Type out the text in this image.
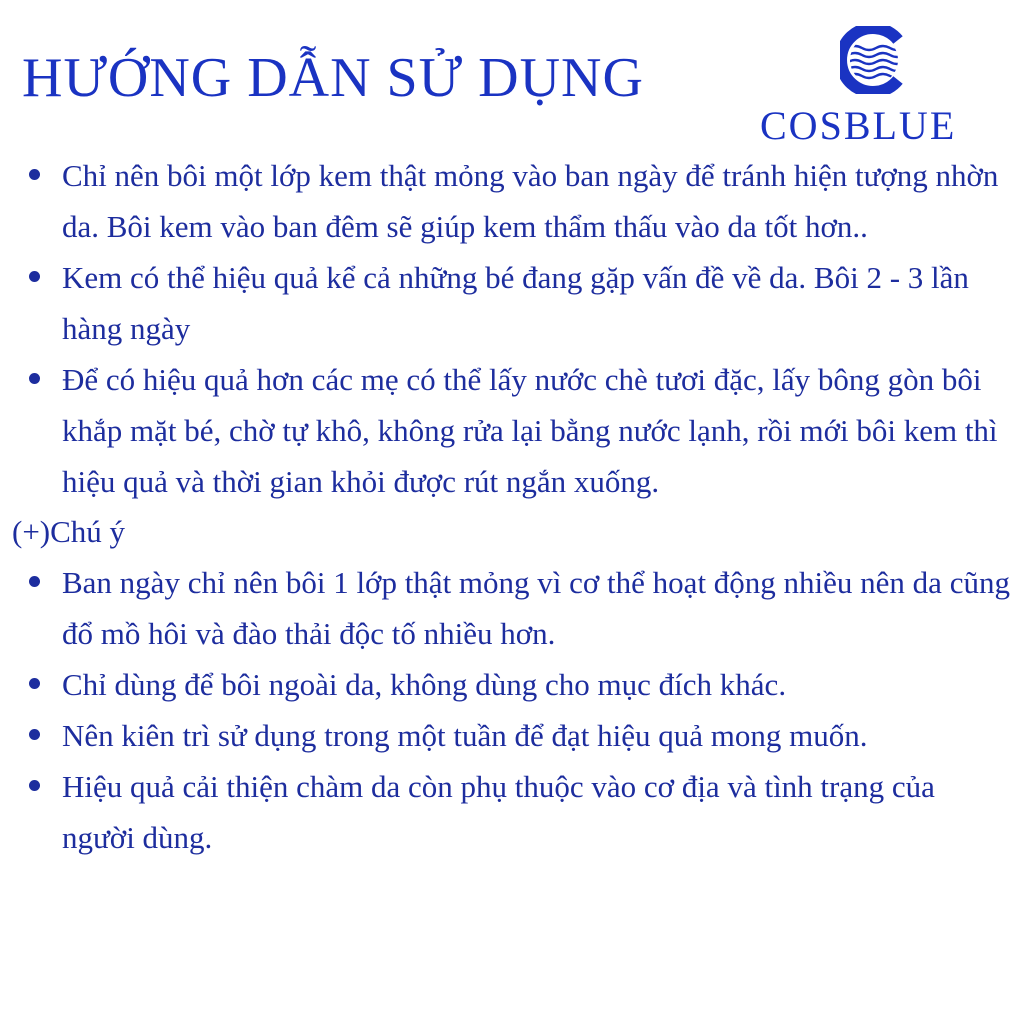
HƯỚNG DẪN SỬ DỤNG
COSBLUE
Chỉ nên bôi một lớp kem thật mỏng vào ban ngày để tránh hiện tượng nhờn da. Bôi kem vào ban đêm sẽ giúp kem thẩm thấu vào da tốt hơn..
Kem có thể hiệu quả kể cả những bé đang gặp vấn đề về da. Bôi 2 - 3 lần hàng ngày
Để có hiệu quả hơn các mẹ có thể lấy nước chè tươi đặc, lấy bông gòn bôi khắp mặt bé, chờ tự khô, không rửa lại bằng nước lạnh, rồi mới bôi kem thì hiệu quả và thời gian khỏi được rút ngắn xuống.
(+)Chú ý
Ban ngày chỉ nên bôi 1 lớp thật mỏng vì cơ thể hoạt động nhiều nên da cũng đổ mồ hôi và đào thải độc tố nhiều hơn.
Chỉ dùng để bôi ngoài da, không dùng cho mục đích khác.
Nên kiên trì sử dụng trong một tuần để đạt hiệu quả mong muốn.
Hiệu quả cải thiện chàm da còn phụ thuộc vào cơ địa và tình trạng của người dùng.
